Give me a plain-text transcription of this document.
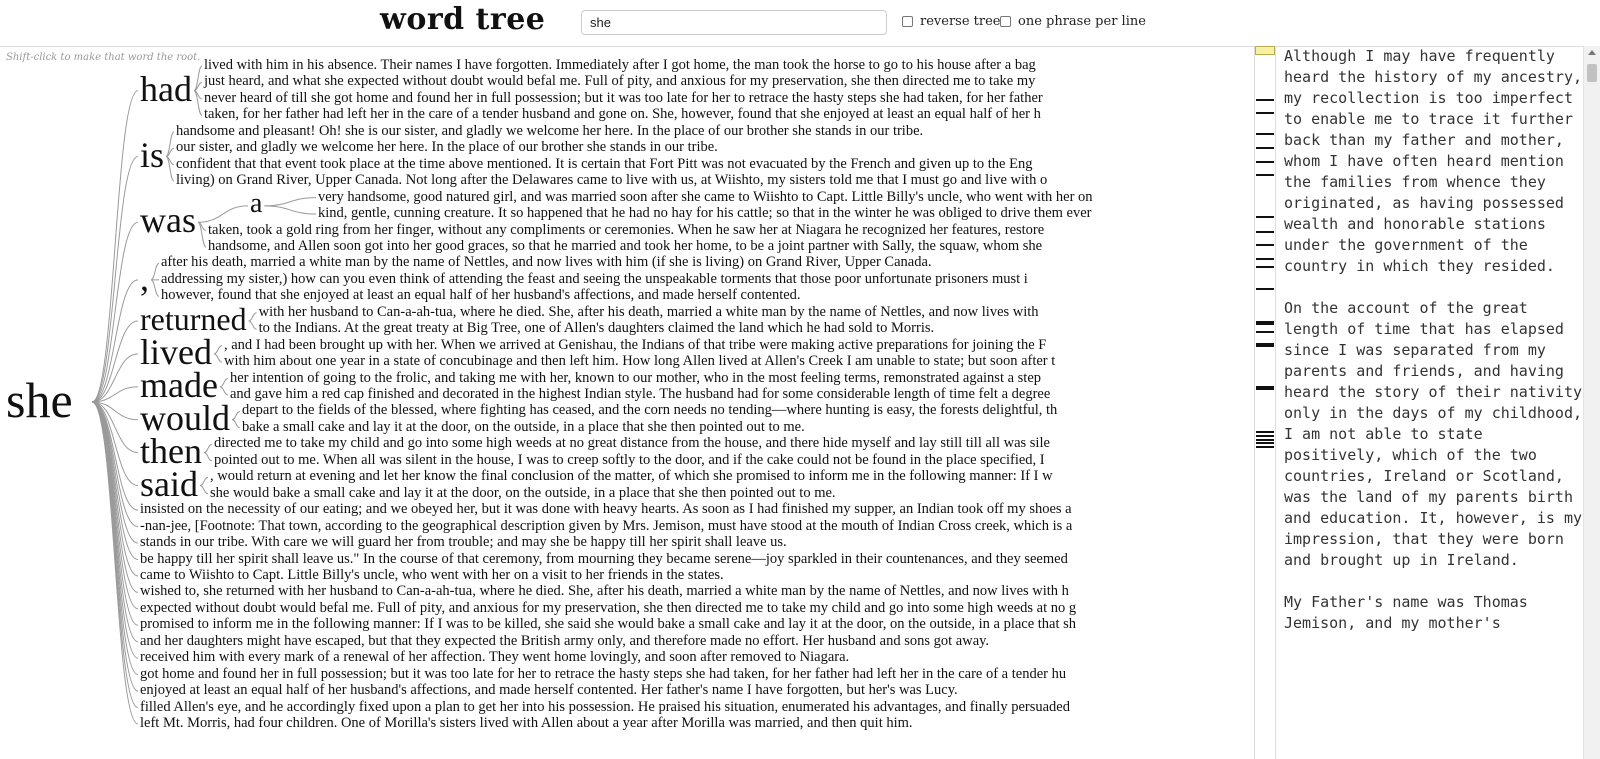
word tree
she	reverse tree one phrase per line
Shift-click to make that word the root.
she
had
lived with him in his absence. Their names I have forgotten. Immediately after I got home, the man took the horse to go to his house after a bag
just heard, and what she expected without doubt would befal me. Full of pity, and anxious for my preservation, she then directed me to take my
never heard of till she got home and found her in full possession; but it was too late for her to retrace the hasty steps she had taken, for her father
taken, for her father had left her in the care of a tender husband and gone on. She, however, found that she enjoyed at least an equal half of her h
is
handsome and pleasant! Oh! she is our sister, and gladly we welcome her here. In the place of our brother she stands in our tribe.
our sister, and gladly we welcome her here. In the place of our brother she stands in our tribe.
confident that that event took place at the time above mentioned. It is certain that Fort Pitt was not evacuated by the French and given up to the Eng
living) on Grand River, Upper Canada. Not long after the Delawares came to live with us, at Wiishto, my sisters told me that I must go and live with o
very handsome, good natured girl, and was married soon after she came to Wiishto to Capt. Little Billy's uncle, who went with her on
kind, gentle, cunning creature. It so happened that he had no hay for his cattle; so that in the winter he was obliged to drive them ever
was taken, took a gold ring from her finger, without any compliments or ceremonies. When he saw her at Niagara he recognized her features, restore
handsome, and Allen soon got into her good graces, so that he married and took her home, to be a joint partner with Sally, the squaw, whom she
a
, after his death, married a white man by the name of Nettles, and now lives with him (if she is living) on Grand River, Upper Canada.
addressing my sister,) how can you even think of attending the feast and seeing the unspeakable torments that those poor unfortunate prisoners must i
however, found that she enjoyed at least an equal half of her husband's affections, and made herself contented.
returned with her husband to Can-a-ah-tua, where he died. She, after his death, married a white man by the name of Nettles, and now lives with
to the Indians. At the great treaty at Big Tree, one of Allen's daughters claimed the land which he had sold to Morris.
lived , and I had been brought up with her. When we arrived at Genishau, the Indians of that tribe were making active preparations for joining the F
with him about one year in a state of concubinage and then left him. How long Allen lived at Allen's Creek I am unable to state; but soon after t
made her intention of going to the frolic, and taking me with her, known to our mother, who in the most feeling terms, remonstrated against a step
and gave him a red cap finished and decorated in the highest Indian style. The husband had for some considerable length of time felt a degree
would depart to the fields of the blessed, where fighting has ceased, and the corn needs no tending—where hunting is easy, the forests delightful, th
bake a small cake and lay it at the door, on the outside, in a place that she then pointed out to me.
then directed me to take my child and go into some high weeds at no great distance from the house, and there hide myself and lay still till all was sile
pointed out to me. When all was silent in the house, I was to creep softly to the door, and if the cake could not be found in the place specified, I
said , would return at evening and let her know the final conclusion of the matter, of which she promised to inform me in the following manner: If I w
she would bake a small cake and lay it at the door, on the outside, in a place that she then pointed out to me.
insisted on the necessity of our eating; and we obeyed her, but it was done with heavy hearts. As soon as I had finished my supper, an Indian took off my shoes a
-nan-jee, [Footnote: That town, according to the geographical description given by Mrs. Jemison, must have stood at the mouth of Indian Cross creek, which is a
stands in our tribe. With care we will guard her from trouble; and may she be happy till her spirit shall leave us.
be happy till her spirit shall leave us." In the course of that ceremony, from mourning they became serene—joy sparkled in their countenances, and they seemed
came to Wiishto to Capt. Little Billy's uncle, who went with her on a visit to her friends in the states.
wished to, she returned with her husband to Can-a-ah-tua, where he died. She, after his death, married a white man by the name of Nettles, and now lives with h
expected without doubt would befal me. Full of pity, and anxious for my preservation, she then directed me to take my child and go into some high weeds at no g
promised to inform me in the following manner: If I was to be killed, she said she would bake a small cake and lay it at the door, on the outside, in a place that sh
and her daughters might have escaped, but that they expected the British army only, and therefore made no effort. Her husband and sons got away.
received him with every mark of a renewal of her affection. They went home lovingly, and soon after removed to Niagara.
got home and found her in full possession; but it was too late for her to retrace the hasty steps she had taken, for her father had left her in the care of a tender hu
enjoyed at least an equal half of her husband's affections, and made herself contented. Her father's name I have forgotten, but her's was Lucy.
filled Allen's eye, and he accordingly fixed upon a plan to get her into his possession. He praised his situation, enumerated his advantages, and finally persuaded
left Mt. Morris, had four children. One of Morilla's sisters lived with Allen about a year after Morilla was married, and then quit him.

Although I may have frequently heard the history of my ancestry, my recollection is too imperfect to enable me to trace it further back than my father and mother, whom I have often heard mention the families from whence they originated, as having possessed wealth and honorable stations under the government of the country in which they resided.

On the account of the great length of time that has elapsed since I was separated from my parents and friends, and having heard the story of their nativity only in the days of my childhood, I am not able to state positively, which of the two countries, Ireland or Scotland, was the land of my parents birth and education. It, however, is my impression, that they were born and brought up in Ireland.

My Father's name was Thomas Jemison, and my mother's
